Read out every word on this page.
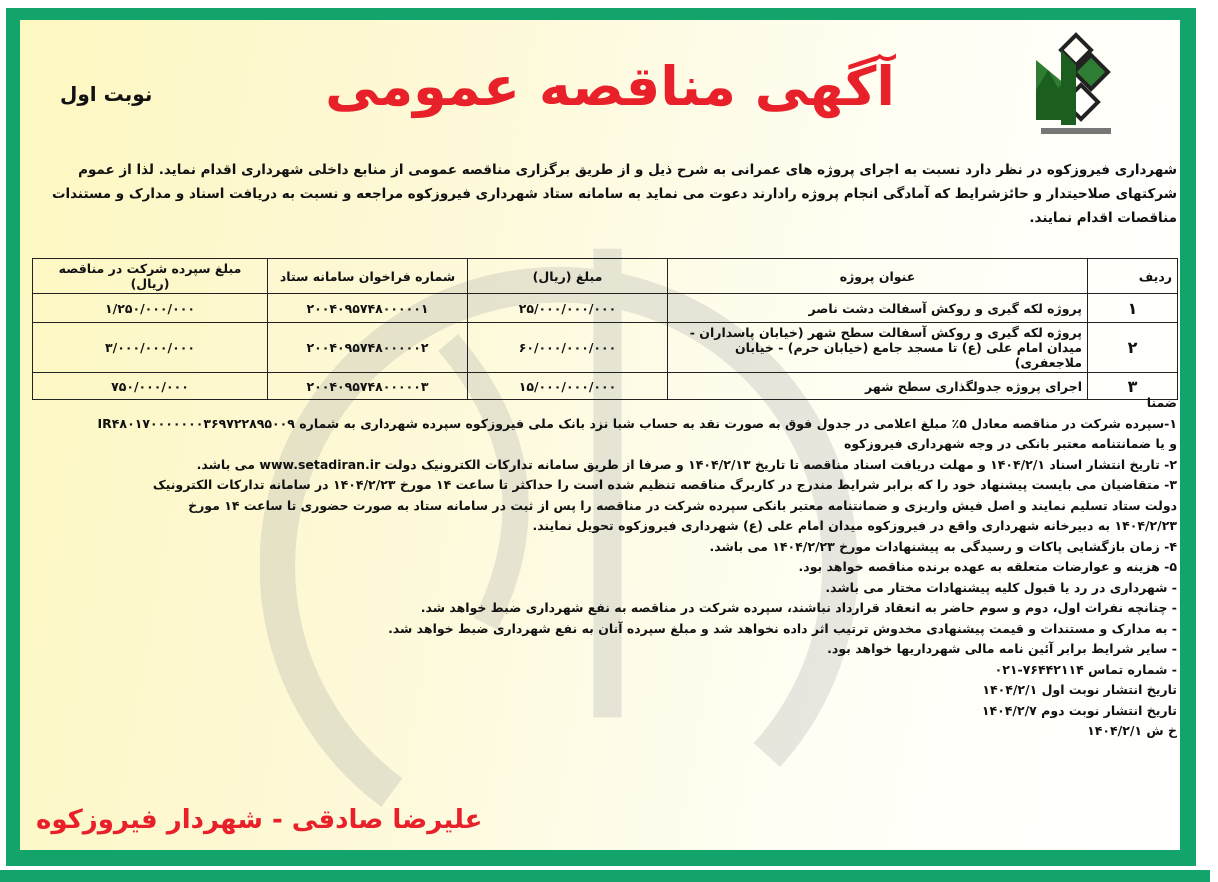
آگهی مناقصه عمومی
نوبت اول
شهرداری فیروزکوه در نظر دارد نسبت به اجرای پروژه های عمرانی به شرح ذیل و از طریق برگزاری مناقصه عمومی از منابع داخلی شهرداری اقدام نماید. لذا از عموم
شرکتهای صلاحیتدار و حائزشرایط که آمادگی انجام پروژه رادارند دعوت می نماید به سامانه ستاد شهرداری فیروزکوه مراجعه و نسبت به دریافت اسناد و مدارک و مستندات
مناقصات اقدام نمایند.
ردیف	عنوان پروژه	مبلغ (ریال)	شماره فراخوان سامانه ستاد	مبلغ سپرده شرکت در مناقصه (ریال)
۱	پروژه لکه گیری و روکش آسفالت دشت ناصر	۲۵/۰۰۰/۰۰۰/۰۰۰	۲۰۰۴۰۹۵۷۴۸۰۰۰۰۰۱	۱/۲۵۰/۰۰۰/۰۰۰
۲	پروژه لکه گیری و روکش آسفالت سطح شهر (خیابان پاسداران - میدان امام علی (ع) تا مسجد جامع (خیابان حرم) - خیابان ملاجعفری)	۶۰/۰۰۰/۰۰۰/۰۰۰	۲۰۰۴۰۹۵۷۴۸۰۰۰۰۰۲	۳/۰۰۰/۰۰۰/۰۰۰
۳	اجرای پروژه جدولگذاری سطح شهر	۱۵/۰۰۰/۰۰۰/۰۰۰	۲۰۰۴۰۹۵۷۴۸۰۰۰۰۰۳	۷۵۰/۰۰۰/۰۰۰
ضمنا
۱-سپرده شرکت در مناقصه معادل ۵٪ مبلغ اعلامی در جدول فوق به صورت نقد به حساب شبا نزد بانک ملی فیروزکوه سپرده شهرداری به شماره IR۴۸۰۱۷۰۰۰۰۰۰۰۳۶۹۷۲۲۸۹۵۰۰۹
و یا ضمانتنامه معتبر بانکی در وجه شهرداری فیروزکوه
۲- تاریخ انتشار اسناد ۱۴۰۴/۲/۱ و مهلت دریافت اسناد مناقصه تا تاریخ ۱۴۰۴/۲/۱۳ و صرفا از طریق سامانه تدارکات الکترونیک دولت www.setadiran.ir می باشد.
۳- متقاضیان می بایست پیشنهاد خود را که برابر شرایط مندرج در کاربرگ مناقصه تنظیم شده است را حداکثر تا ساعت ۱۴ مورخ ۱۴۰۴/۲/۲۳ در سامانه تدارکات الکترونیک
دولت ستاد تسلیم نمایند و اصل فیش واریزی و ضمانتنامه معتبر بانکی سپرده شرکت در مناقصه را پس از ثبت در سامانه ستاد به صورت حضوری تا ساعت ۱۴ مورخ
۱۴۰۴/۲/۲۳ به دبیرخانه شهرداری واقع در فیروزکوه میدان امام علی (ع) شهرداری فیروزکوه تحویل نمایند.
۴- زمان بازگشایی پاکات و رسیدگی به پیشنهادات مورخ ۱۴۰۴/۲/۲۳ می باشد.
۵- هزینه و عوارضات متعلقه به عهده برنده مناقصه خواهد بود.
- شهرداری در رد یا قبول کلیه پیشنهادات مختار می باشد.
- چنانچه نفرات اول، دوم و سوم حاضر به انعقاد قرارداد نباشند، سپرده شرکت در مناقصه به نفع شهرداری ضبط خواهد شد.
- به مدارک و مستندات و قیمت پیشنهادی مخدوش ترتیب اثر داده نخواهد شد و مبلغ سپرده آنان به نفع شهرداری ضبط خواهد شد.
- سایر شرایط برابر آئین نامه مالی شهرداریها خواهد بود.
- شماره تماس ۷۶۴۴۲۱۱۴-۰۲۱
تاریخ انتشار نوبت اول ۱۴۰۴/۲/۱
تاریخ انتشار نوبت دوم ۱۴۰۴/۲/۷
خ ش ۱۴۰۴/۲/۱
علیرضا صادقی - شهردار فیروزکوه
